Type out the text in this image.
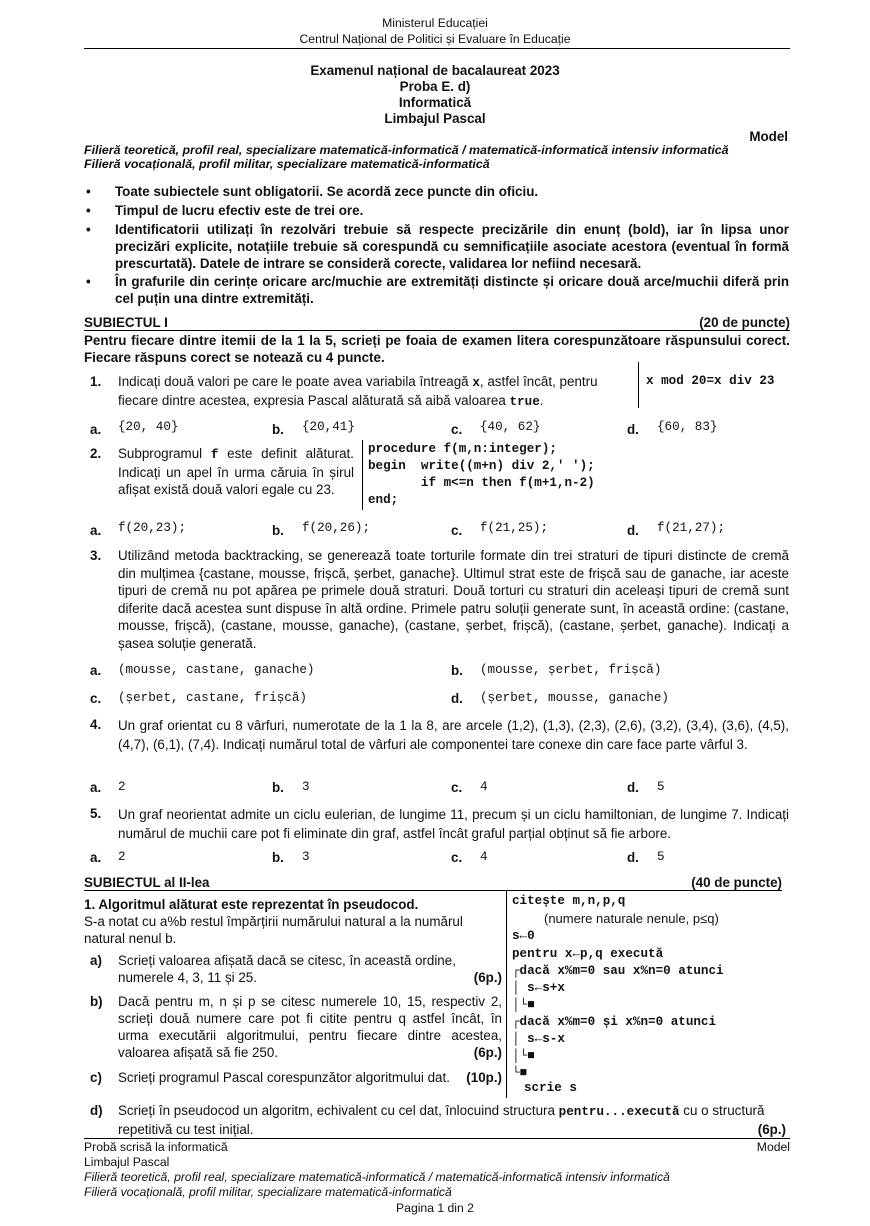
Ministerul Educației
Centrul Național de Politici și Evaluare în Educație
Examenul național de bacalaureat 2023
Proba E. d)
Informatică
Limbajul Pascal
Model
Filieră teoretică, profil real, specializare matematică-informatică / matematică-informatică intensiv informatică
Filieră vocațională, profil militar, specializare matematică-informatică
• Toate subiectele sunt obligatorii. Se acordă zece puncte din oficiu.
• Timpul de lucru efectiv este de trei ore.
• Identificatorii utilizați în rezolvări trebuie să respecte precizările din enunț (bold), iar în lipsa unor precizări explicite, notațiile trebuie să corespundă cu semnificațiile asociate acestora (eventual în formă prescurtată). Datele de intrare se consideră corecte, validarea lor nefiind necesară.
• În grafurile din cerințe oricare arc/muchie are extremități distincte și oricare două arce/muchii diferă prin cel puțin una dintre extremități.
SUBIECTUL I	(20 de puncte)
Pentru fiecare dintre itemii de la 1 la 5, scrieți pe foaia de examen litera corespunzătoare răspunsului corect. Fiecare răspuns corect se notează cu 4 puncte.
1. Indicați două valori pe care le poate avea variabila întreagă x, astfel încât, pentru fiecare dintre acestea, expresia Pascal alăturată să aibă valoarea true.
x mod 20=x div 23
a. {20, 40}	b. {20,41}	c. {40, 62}	d. {60, 83}
2. Subprogramul f este definit alăturat. Indicați un apel în urma căruia în șirul afișat există două valori egale cu 23.
procedure f(m,n:integer);
begin  write((m+n) div 2,' ');
if m<=n then f(m+1,n-2)
end;
a. f(20,23);	b. f(20,26);	c. f(21,25);	d. f(21,27);
3. Utilizând metoda backtracking, se generează toate torturile formate din trei straturi de tipuri distincte de cremă din mulțimea {castane, mousse, frișcă, șerbet, ganache}. Ultimul strat este de frișcă sau de ganache, iar aceste tipuri de cremă nu pot apărea pe primele două straturi. Două torturi cu straturi din aceleași tipuri de cremă sunt diferite dacă acestea sunt dispuse în altă ordine. Primele patru soluții generate sunt, în această ordine: (castane, mousse, frișcă), (castane, mousse, ganache), (castane, șerbet, frișcă), (castane, șerbet, ganache). Indicați a șasea soluție generată.
a. (mousse, castane, ganache)	b. (mousse, șerbet, frișcă)
c. (șerbet, castane, frișcă)	d. (șerbet, mousse, ganache)
4. Un graf orientat cu 8 vârfuri, numerotate de la 1 la 8, are arcele (1,2), (1,3), (2,3), (2,6), (3,2), (3,4), (3,6), (4,5), (4,7), (6,1), (7,4). Indicați numărul total de vârfuri ale componentei tare conexe din care face parte vârful 3.
a. 2	b. 3	c. 4	d. 5
5. Un graf neorientat admite un ciclu eulerian, de lungime 11, precum și un ciclu hamiltonian, de lungime 7. Indicați numărul de muchii care pot fi eliminate din graf, astfel încât graful parțial obținut să fie arbore.
a. 2	b. 3	c. 4	d. 5
SUBIECTUL al II-lea	(40 de puncte)
1. Algoritmul alăturat este reprezentat în pseudocod.
S-a notat cu a%b restul împărțirii numărului natural a la numărul natural nenul b.
a) Scrieți valoarea afișată dacă se citesc, în această ordine, numerele 4, 3, 11 și 25.	(6p.)
b) Dacă pentru m, n și p se citesc numerele 10, 15, respectiv 2, scrieți două numere care pot fi citite pentru q astfel încât, în urma executării algoritmului, pentru fiecare dintre acestea, valoarea afișată să fie 250.	(6p.)
c) Scrieți programul Pascal corespunzător algoritmului dat. (10p.)
d) Scrieți în pseudocod un algoritm, echivalent cu cel dat, înlocuind structura pentru...execută cu o structură repetitivă cu test inițial.	(6p.)
citește m,n,p,q
(numere naturale nenule, p≤q)
s←0
pentru x←p,q execută
┌dacă x%m=0 sau x%n=0 atunci
│ s←s+x
│└■
┌dacă x%m=0 și x%n=0 atunci
│ s←s-x
│└■
└■
scrie s
Probă scrisă la informatică	Model
Limbajul Pascal
Filieră teoretică, profil real, specializare matematică-informatică / matematică-informatică intensiv informatică
Filieră vocațională, profil militar, specializare matematică-informatică
Pagina 1 din 2
